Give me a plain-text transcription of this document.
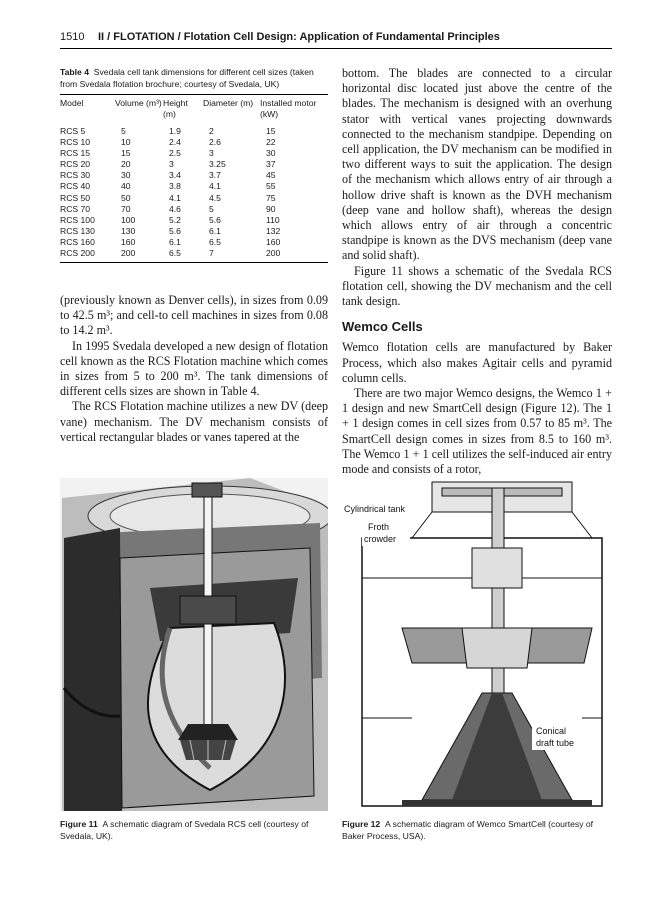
1510 II / FLOTATION / Flotation Cell Design: Application of Fundamental Principles

Table 4 Svedala cell tank dimensions for different cell sizes (taken from Svedala flotation brochure; courtesy of Svedala, UK)

Model	Volume (m³)	Height (m)	Diameter (m)	Installed motor (kW)
RCS 5	5	1.9	2	15
RCS 10	10	2.4	2.6	22
RCS 15	15	2.5	3	30
RCS 20	20	3	3.25	37
RCS 30	30	3.4	3.7	45
RCS 40	40	3.8	4.1	55
RCS 50	50	4.1	4.5	75
RCS 70	70	4.6	5	90
RCS 100	100	5.2	5.6	110
RCS 130	130	5.6	6.1	132
RCS 160	160	6.1	6.5	160
RCS 200	200	6.5	7	200

(previously known as Denver cells), in sizes from 0.09 to 42.5 m³; and cell-to cell machines in sizes from 0.08 to 14.2 m³.

In 1995 Svedala developed a new design of flotation cell known as the RCS Flotation machine which comes in sizes from 5 to 200 m³. The tank dimensions of different cells sizes are shown in Table 4.

The RCS Flotation machine utilizes a new DV (deep vane) mechanism. The DV mechanism consists of vertical rectangular blades or vanes tapered at the

bottom. The blades are connected to a circular horizontal disc located just above the centre of the blades. The mechanism is designed with an overhung stator with vertical vanes projecting downwards connected to the mechanism standpipe. Depending on cell application, the DV mechanism can be modified in two different ways to suit the application. The design of the mechanism which allows entry of air through a hollow drive shaft is known as the DVH mechanism (deep vane and hollow shaft), whereas the design which allows entry of air through a concentric standpipe is known as the DVS mechanism (deep vane and solid shaft).

Figure 11 shows a schematic of the Svedala RCS flotation cell, showing the DV mechanism and the cell tank design.

Wemco Cells

Wemco flotation cells are manufactured by Baker Process, which also makes Agitair cells and pyramid column cells.

There are two major Wemco designs, the Wemco 1 + 1 design and new SmartCell design (Figure 12). The 1 + 1 design comes in cell sizes from 0.57 to 85 m³. The SmartCell design comes in sizes from 8.5 to 160 m³. The Wemco 1 + 1 cell utilizes the self-induced air entry mode and consists of a rotor,

Figure 11 A schematic diagram of Svedala RCS cell (courtesy of Svedala, UK).
Cylindrical tank
Froth
crowder
Conical
draft tube
Figure 12 A schematic diagram of Wemco SmartCell (courtesy of Baker Process, USA).
